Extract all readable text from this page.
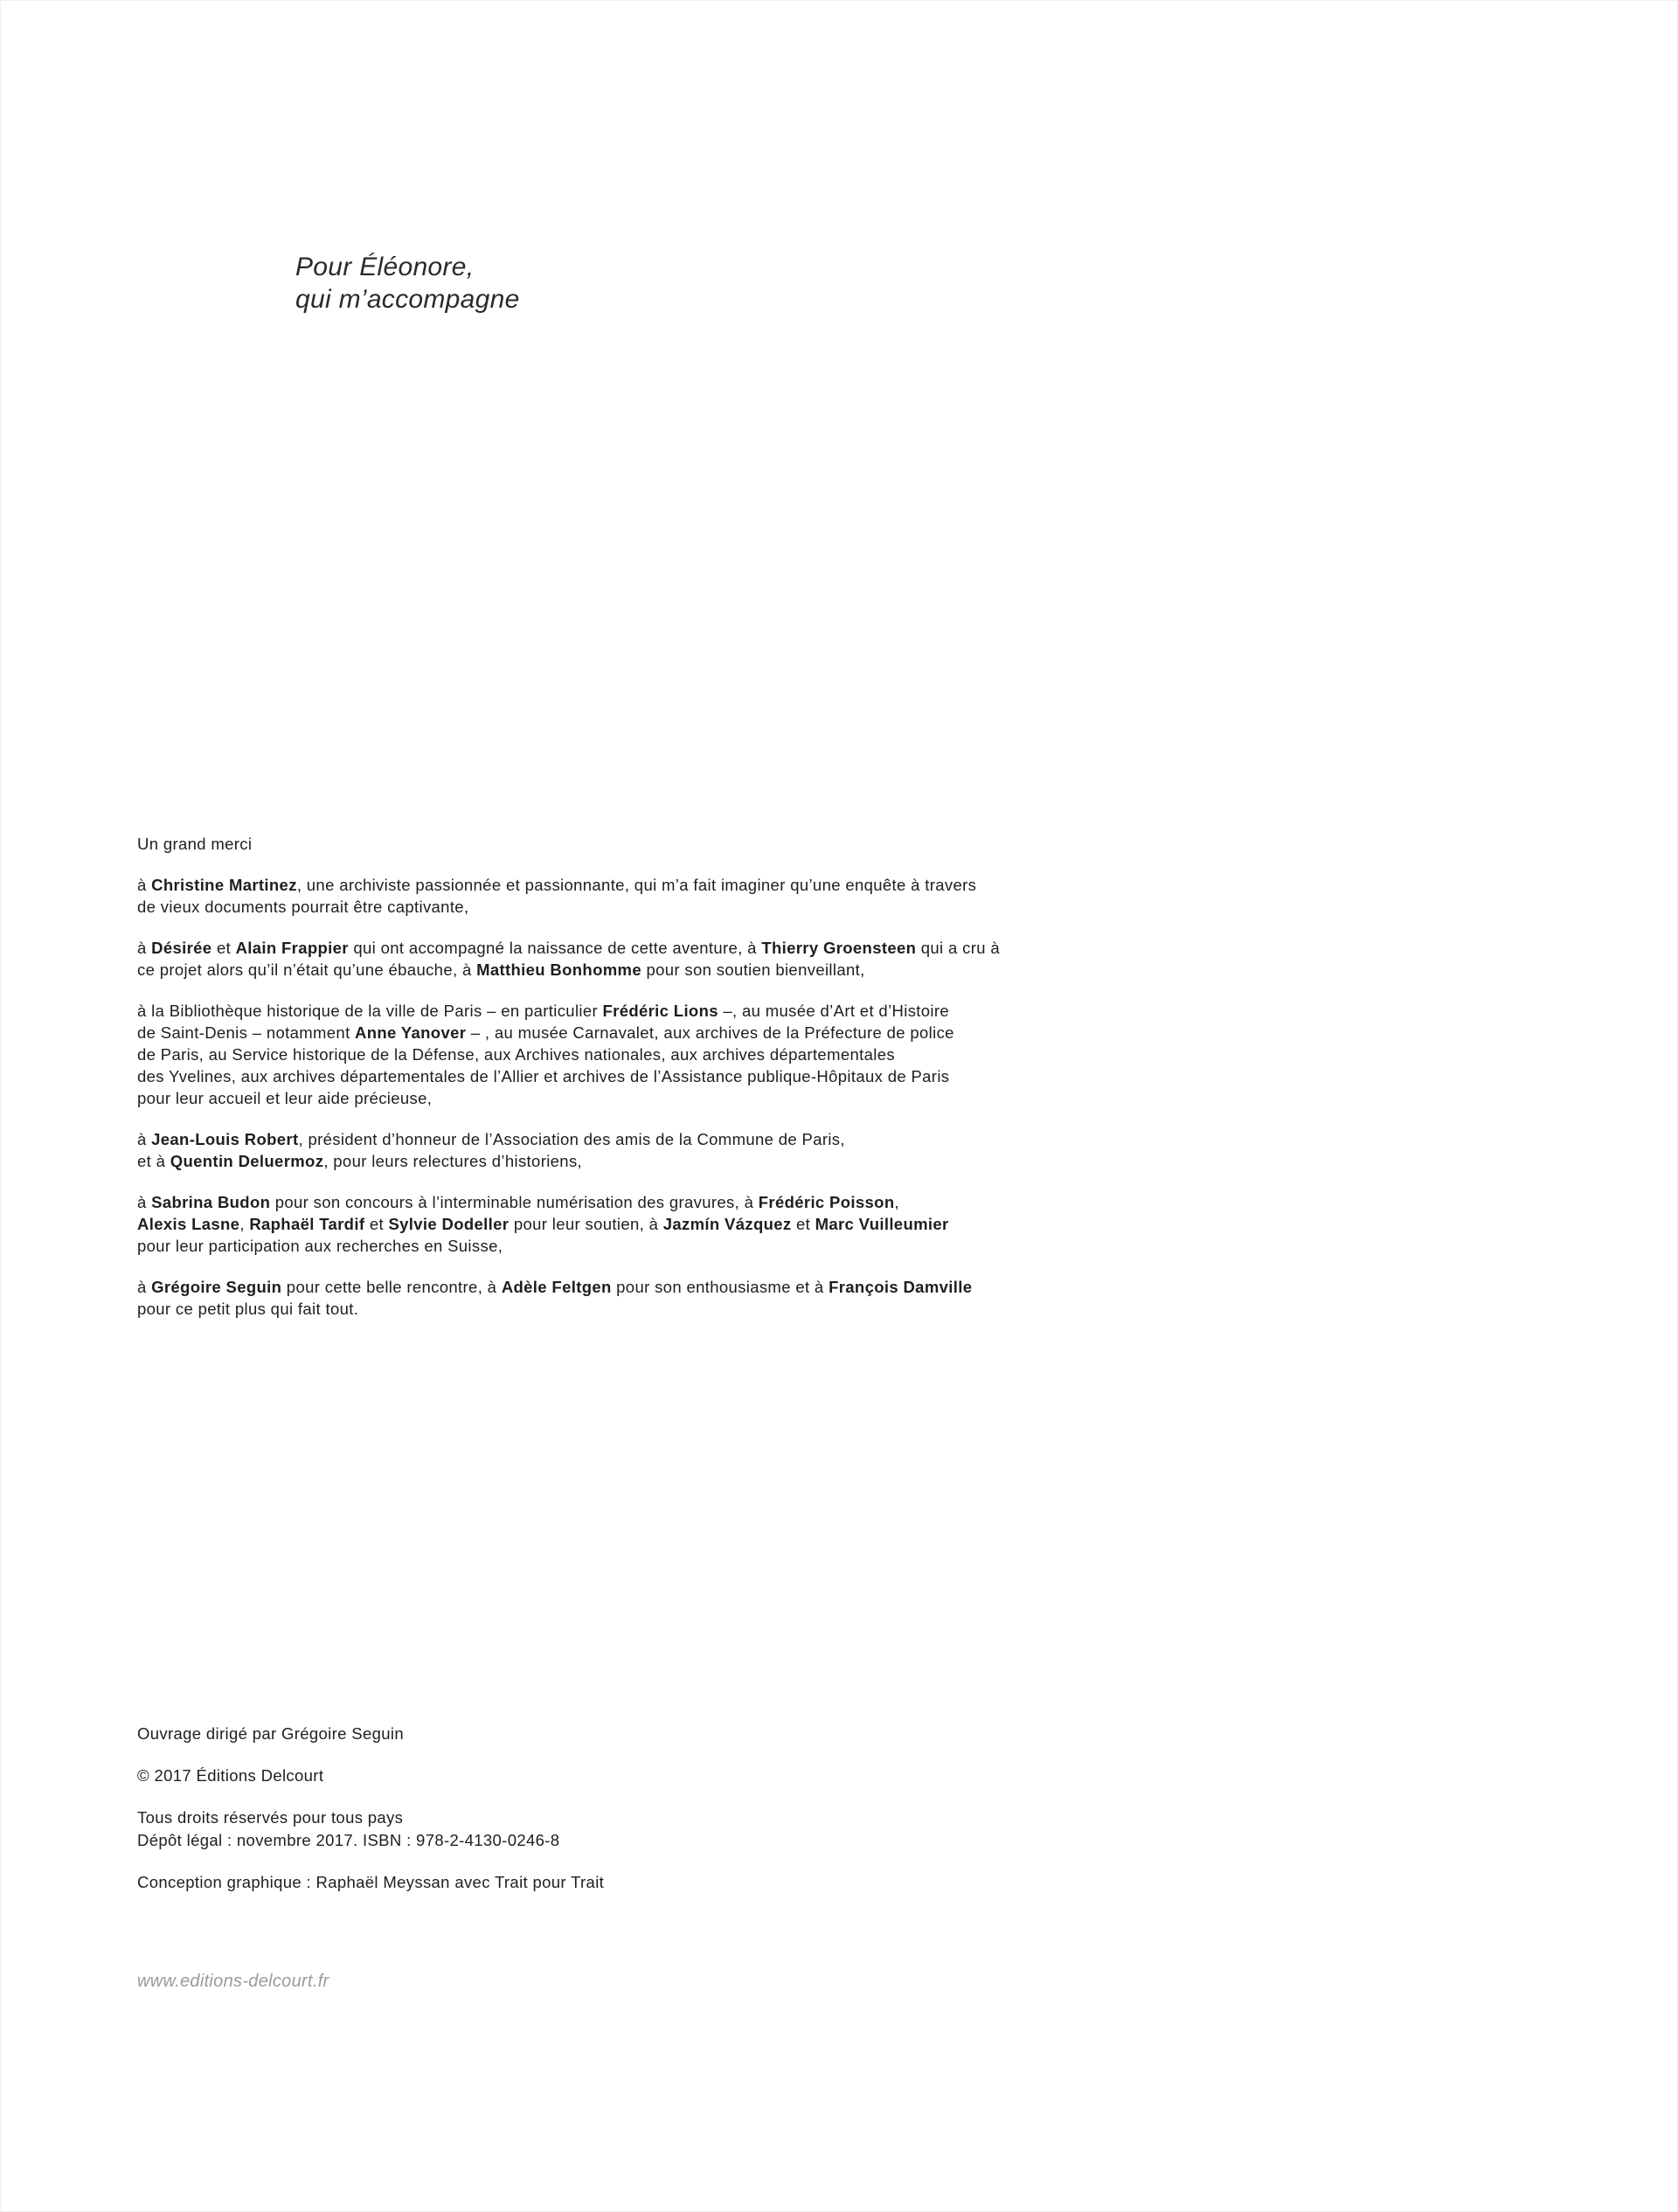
Pour Éléonore,
qui m’accompagne
Un grand merci
à Christine Martinez, une archiviste passionnée et passionnante, qui m’a fait imaginer qu’une enquête à travers
de vieux documents pourrait être captivante,
à Désirée et Alain Frappier qui ont accompagné la naissance de cette aventure, à Thierry Groensteen qui a cru à
ce projet alors qu’il n’était qu’une ébauche, à Matthieu Bonhomme pour son soutien bienveillant,
à la Bibliothèque historique de la ville de Paris – en particulier Frédéric Lions –, au musée d’Art et d’Histoire
de Saint-Denis – notamment Anne Yanover – , au musée Carnavalet, aux archives de la Préfecture de police
de Paris, au Service historique de la Défense, aux Archives nationales, aux archives départementales
des Yvelines, aux archives départementales de l’Allier et archives de l’Assistance publique-Hôpitaux de Paris
pour leur accueil et leur aide précieuse,
à Jean-Louis Robert, président d’honneur de l’Association des amis de la Commune de Paris,
et à Quentin Deluermoz, pour leurs relectures d’historiens,
à Sabrina Budon pour son concours à l’interminable numérisation des gravures, à Frédéric Poisson,
Alexis Lasne, Raphaël Tardif et Sylvie Dodeller pour leur soutien, à Jazmín Vázquez et Marc Vuilleumier
pour leur participation aux recherches en Suisse,
à Grégoire Seguin pour cette belle rencontre, à Adèle Feltgen pour son enthousiasme et à François Damville
pour ce petit plus qui fait tout.
Ouvrage dirigé par Grégoire Seguin
© 2017 Éditions Delcourt
Tous droits réservés pour tous pays
Dépôt légal : novembre 2017. ISBN : 978-2-4130-0246-8
Conception graphique : Raphaël Meyssan avec Trait pour Trait
www.editions-delcourt.fr
